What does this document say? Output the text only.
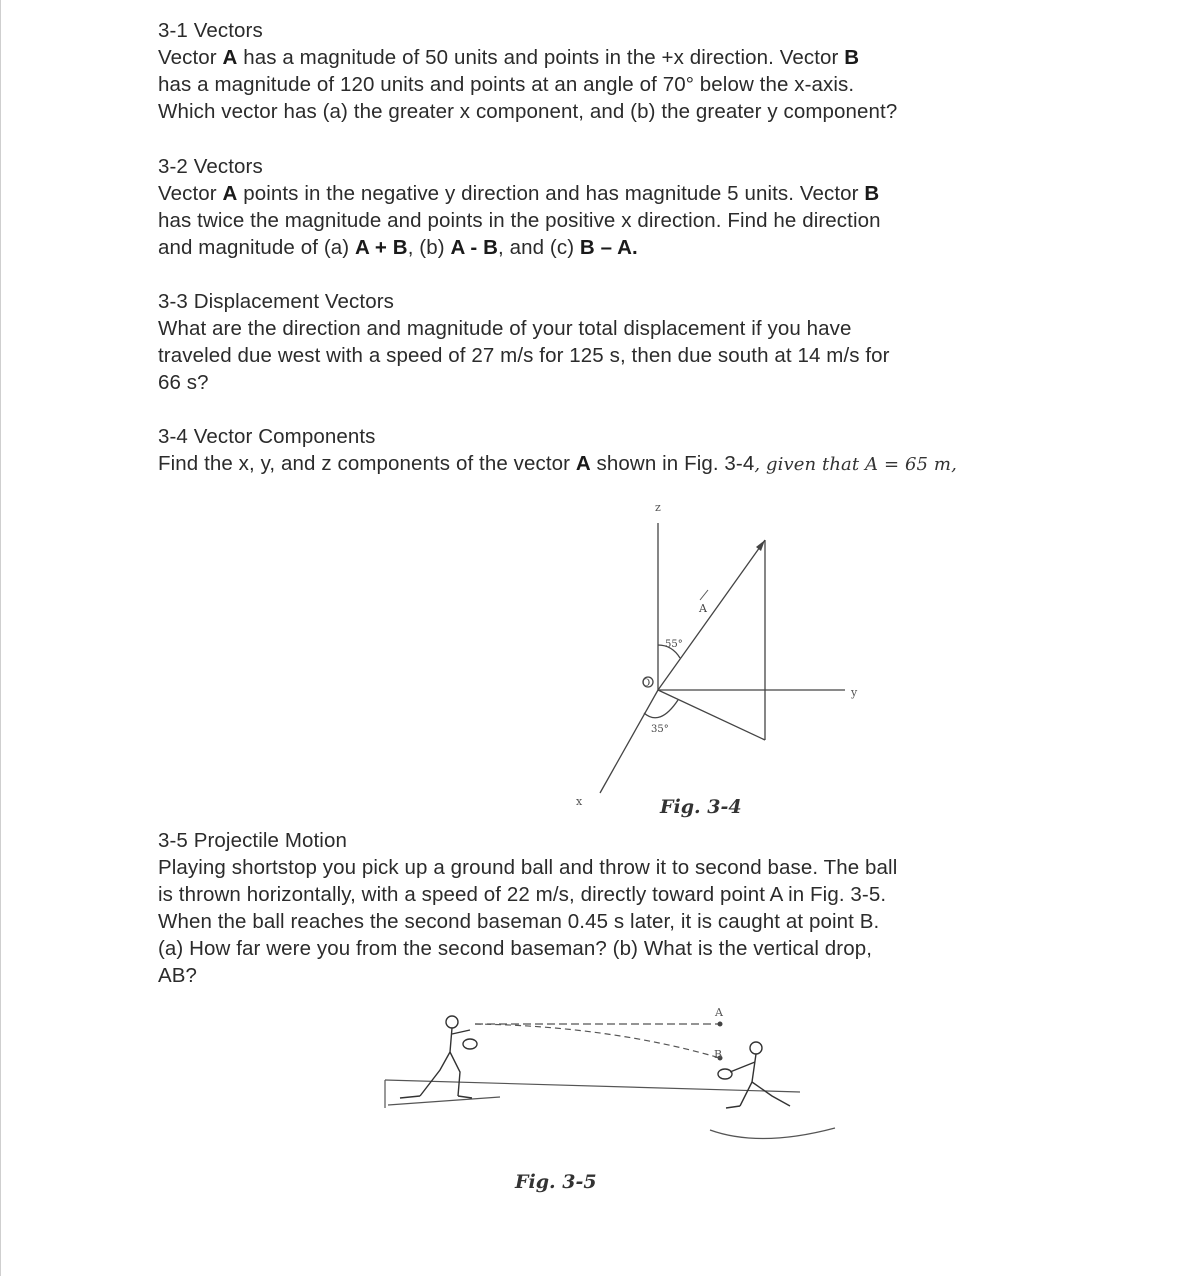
3-1 Vectors

Vector A has a magnitude of 50 units and points in the +x direction. Vector B

has a magnitude of 120 units and points at an angle of 70° below the x-axis.

Which vector has (a) the greater x component, and (b) the greater y component?

3-2 Vectors

Vector A points in the negative y direction and has magnitude 5 units. Vector B

has twice the magnitude and points in the positive x direction. Find he direction

and magnitude of (a) A + B, (b) A - B, and (c) B – A.

3-3 Displacement Vectors

What are the direction and magnitude of your total displacement if you have

traveled due west with a speed of 27 m/s for 125 s, then due south at 14 m/s for

66 s?

3-4 Vector Components

Find the x, y, and z components of the vector A shown in Fig. 3-4, given that A = 65 m,

z
y
x
O
A
55°
35°
Fig. 3-4
3-5 Projectile Motion

Playing shortstop you pick up a ground ball and throw it to second base. The ball

is thrown horizontally, with a speed of 22 m/s, directly toward point A in Fig. 3-5.

When the ball reaches the second baseman 0.45 s later, it is caught at point B.

(a) How far were you from the second baseman? (b) What is the vertical drop,

AB?

A
B
Fig. 3-5
